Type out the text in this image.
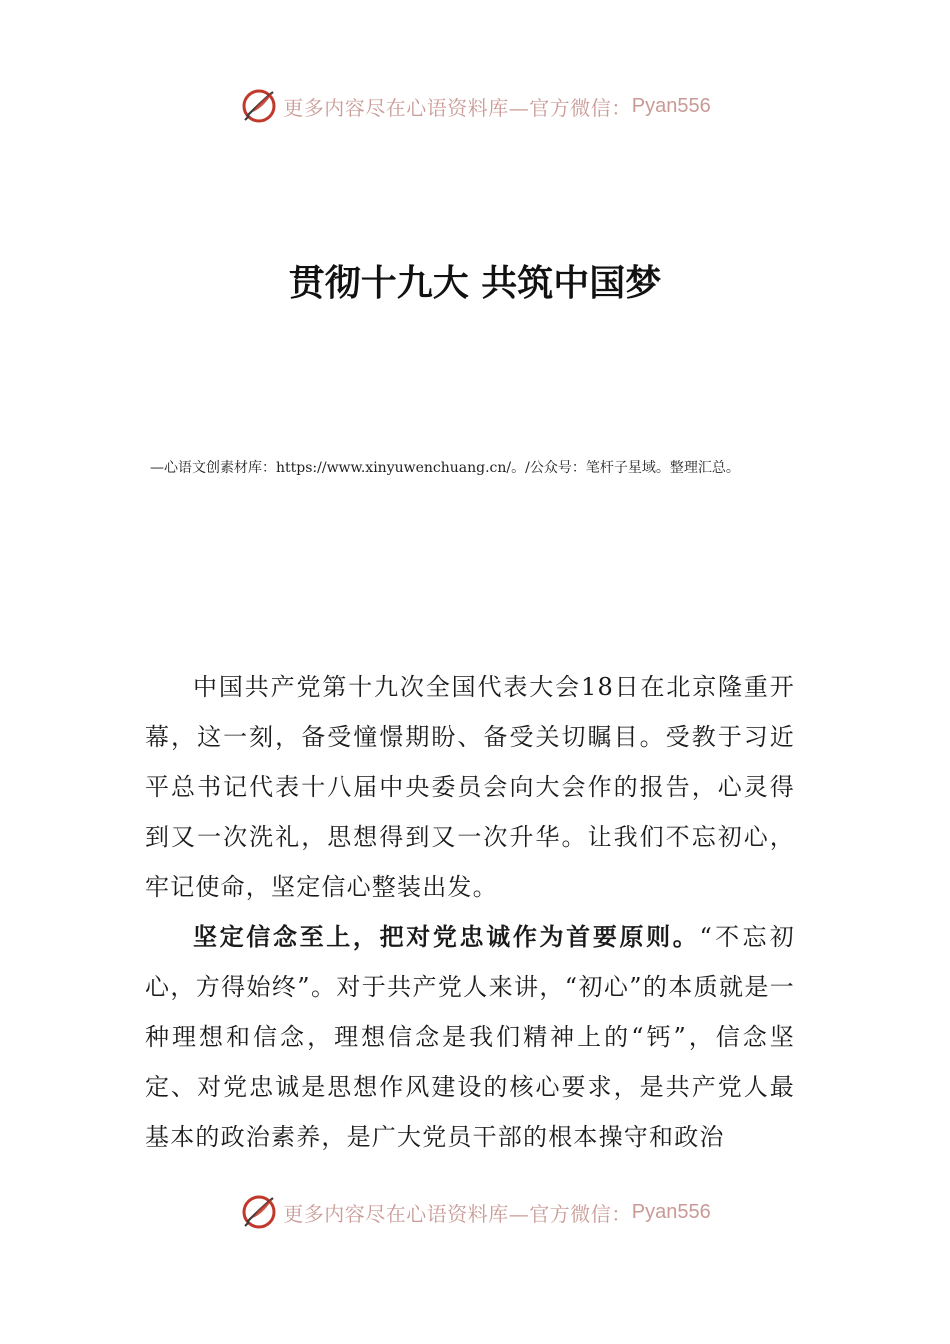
更多内容尽在心语资料库—官方微信： Pyan556
贯彻十九大 共筑中国梦
—心语文创素材库：https://www.xinyuwenchuang.cn/。/公众号：笔杆子星域。整理汇总。

中国共产党第十九次全国代表大会18日在北京隆重开幕，这一刻，备受憧憬期盼、备受关切瞩目。受教于习近平总书记代表十八届中央委员会向大会作的报告，心灵得到又一次洗礼，思想得到又一次升华。让我们不忘初心，牢记使命，坚定信心整装出发。

坚定信念至上，把对党忠诚作为首要原则。“不忘初心，方得始终”。对于共产党人来讲，“初心”的本质就是一种理想和信念，理想信念是我们精神上的“钙”，信念坚定、对党忠诚是思想作风建设的核心要求，是共产党人最基本的政治素养，是广大党员干部的根本操守和政治

更多内容尽在心语资料库—官方微信： Pyan556
